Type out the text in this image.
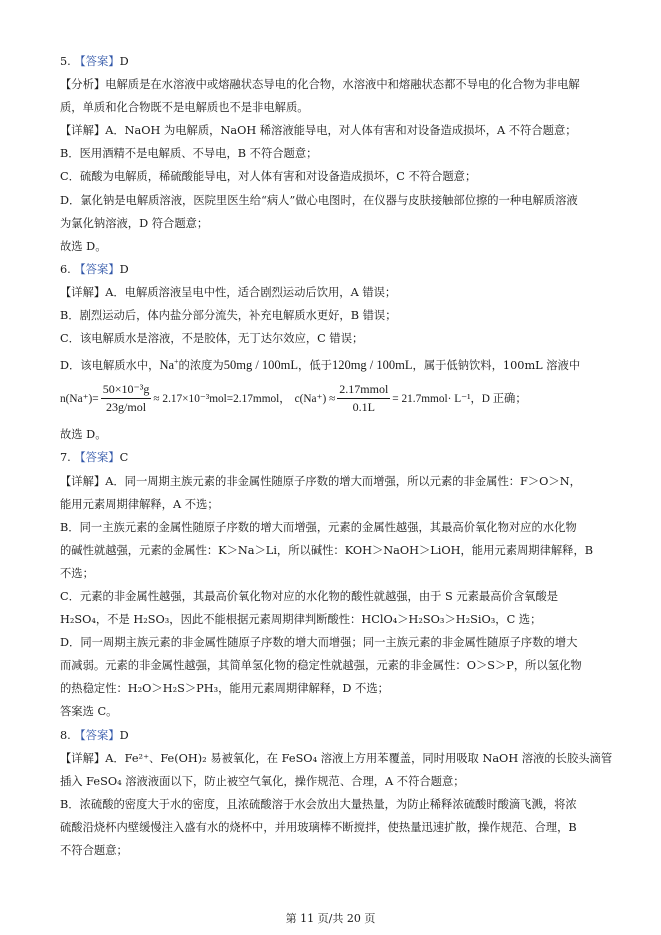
5. 【答案】D
【分析】电解质是在水溶液中或熔融状态导电的化合物，水溶液中和熔融状态都不导电的化合物为非电解
质，单质和化合物既不是电解质也不是非电解质。
【详解】A．NaOH 为电解质，NaOH 稀溶液能导电，对人体有害和对设备造成损坏，A 不符合题意；
B．医用酒精不是电解质、不导电，B 不符合题意；
C．硫酸为电解质，稀硫酸能导电，对人体有害和对设备造成损坏，C 不符合题意；
D．氯化钠是电解质溶液，医院里医生给“病人”做心电图时，在仪器与皮肤接触部位擦的一种电解质溶液
为氯化钠溶液，D 符合题意；
故选 D。
6. 【答案】D
【详解】A．电解质溶液呈电中性，适合剧烈运动后饮用，A 错误；
B．剧烈运动后，体内盐分部分流失，补充电解质水更好，B 错误；
C．该电解质水是溶液，不是胶体，无丁达尔效应，C 错误；
D．该电解质水中，Na+的浓度为50mg / 100mL，低于120mg / 100mL，属于低钠饮料，100mL 溶液中
$n(Na^+)= \frac{\text{50×10⁻³g}}{\text{23g/mol}}$ ≈ 2.17×10⁻³mol=2.17mmol， $c(Na^+) \approx \frac{\text{2.17mmol}}{0.1L}$ = 21.7mmol· L⁻¹，D 正确；
故选 D。
7. 【答案】C
【详解】A．同一周期主族元素的非金属性随原子序数的增大而增强，所以元素的非金属性：F＞O＞N，
能用元素周期律解释，A 不选；
B．同一主族元素的金属性随原子序数的增大而增强，元素的金属性越强，其最高价氧化物对应的水化物
的碱性就越强，元素的金属性：K＞Na＞Li，所以碱性：KOH＞NaOH＞LiOH，能用元素周期律解释，B
不选；
C．元素的非金属性越强，其最高价氧化物对应的水化物的酸性就越强，由于 S 元素最高价含氧酸是
H₂SO₄，不是 H₂SO₃，因此不能根据元素周期律判断酸性：HClO₄＞H₂SO₃＞H₂SiO₃，C 选；
D．同一周期主族元素的非金属性随原子序数的增大而增强；同一主族元素的非金属性随原子序数的增大
而减弱。元素的非金属性越强，其简单氢化物的稳定性就越强，元素的非金属性：O＞S＞P，所以氢化物
的热稳定性：H₂O＞H₂S＞PH₃，能用元素周期律解释，D 不选；
答案选 C。
8. 【答案】D
【详解】A．Fe²⁺、Fe(OH)₂ 易被氧化，在 FeSO₄ 溶液上方用苯覆盖，同时用吸取 NaOH 溶液的长胶头滴管
插入 FeSO₄ 溶液液面以下，防止被空气氧化，操作规范、合理，A 不符合题意；
B．浓硫酸的密度大于水的密度，且浓硫酸溶于水会放出大量热量，为防止稀释浓硫酸时酸滴飞溅，将浓
硫酸沿烧杯内壁缓慢注入盛有水的烧杯中，并用玻璃棒不断搅拌，使热量迅速扩散，操作规范、合理，B
不符合题意；
第 11 页/共 20 页
